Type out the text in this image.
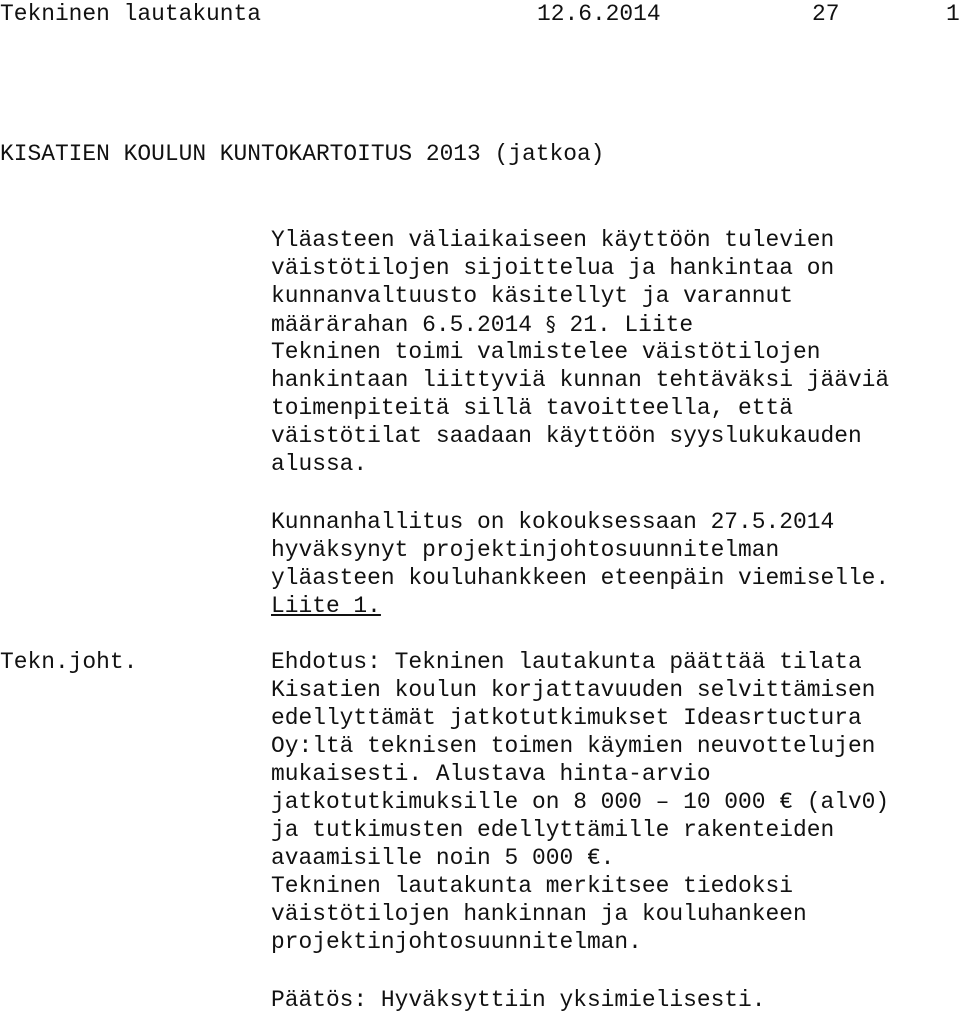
Tekninen lautakunta	12.6.2014	27	1
KISATIEN KOULUN KUNTOKARTOITUS 2013 (jatkoa)
Yläasteen väliaikaiseen käyttöön tulevien
väistötilojen sijoittelua ja hankintaa on
kunnanvaltuusto käsitellyt ja varannut
määrärahan 6.5.2014 § 21. Liite
Tekninen toimi valmistelee väistötilojen
hankintaan liittyviä kunnan tehtäväksi jääviä
toimenpiteitä sillä tavoitteella, että
väistötilat saadaan käyttöön syyslukukauden
alussa.
Kunnanhallitus on kokouksessaan 27.5.2014
hyväksynyt projektinjohtosuunnitelman
yläasteen kouluhankkeen eteenpäin viemiselle.
Liite 1.
Tekn.joht.	Ehdotus: Tekninen lautakunta päättää tilata
Kisatien koulun korjattavuuden selvittämisen
edellyttämät jatkotutkimukset Ideasrtuctura
Oy:ltä teknisen toimen käymien neuvottelujen
mukaisesti. Alustava hinta-arvio
jatkotutkimuksille on 8 000 – 10 000 € (alv0)
ja tutkimusten edellyttämille rakenteiden
avaamisille noin 5 000 €.
Tekninen lautakunta merkitsee tiedoksi
väistötilojen hankinnan ja kouluhankeen
projektinjohtosuunnitelman.
Päätös: Hyväksyttiin yksimielisesti.
